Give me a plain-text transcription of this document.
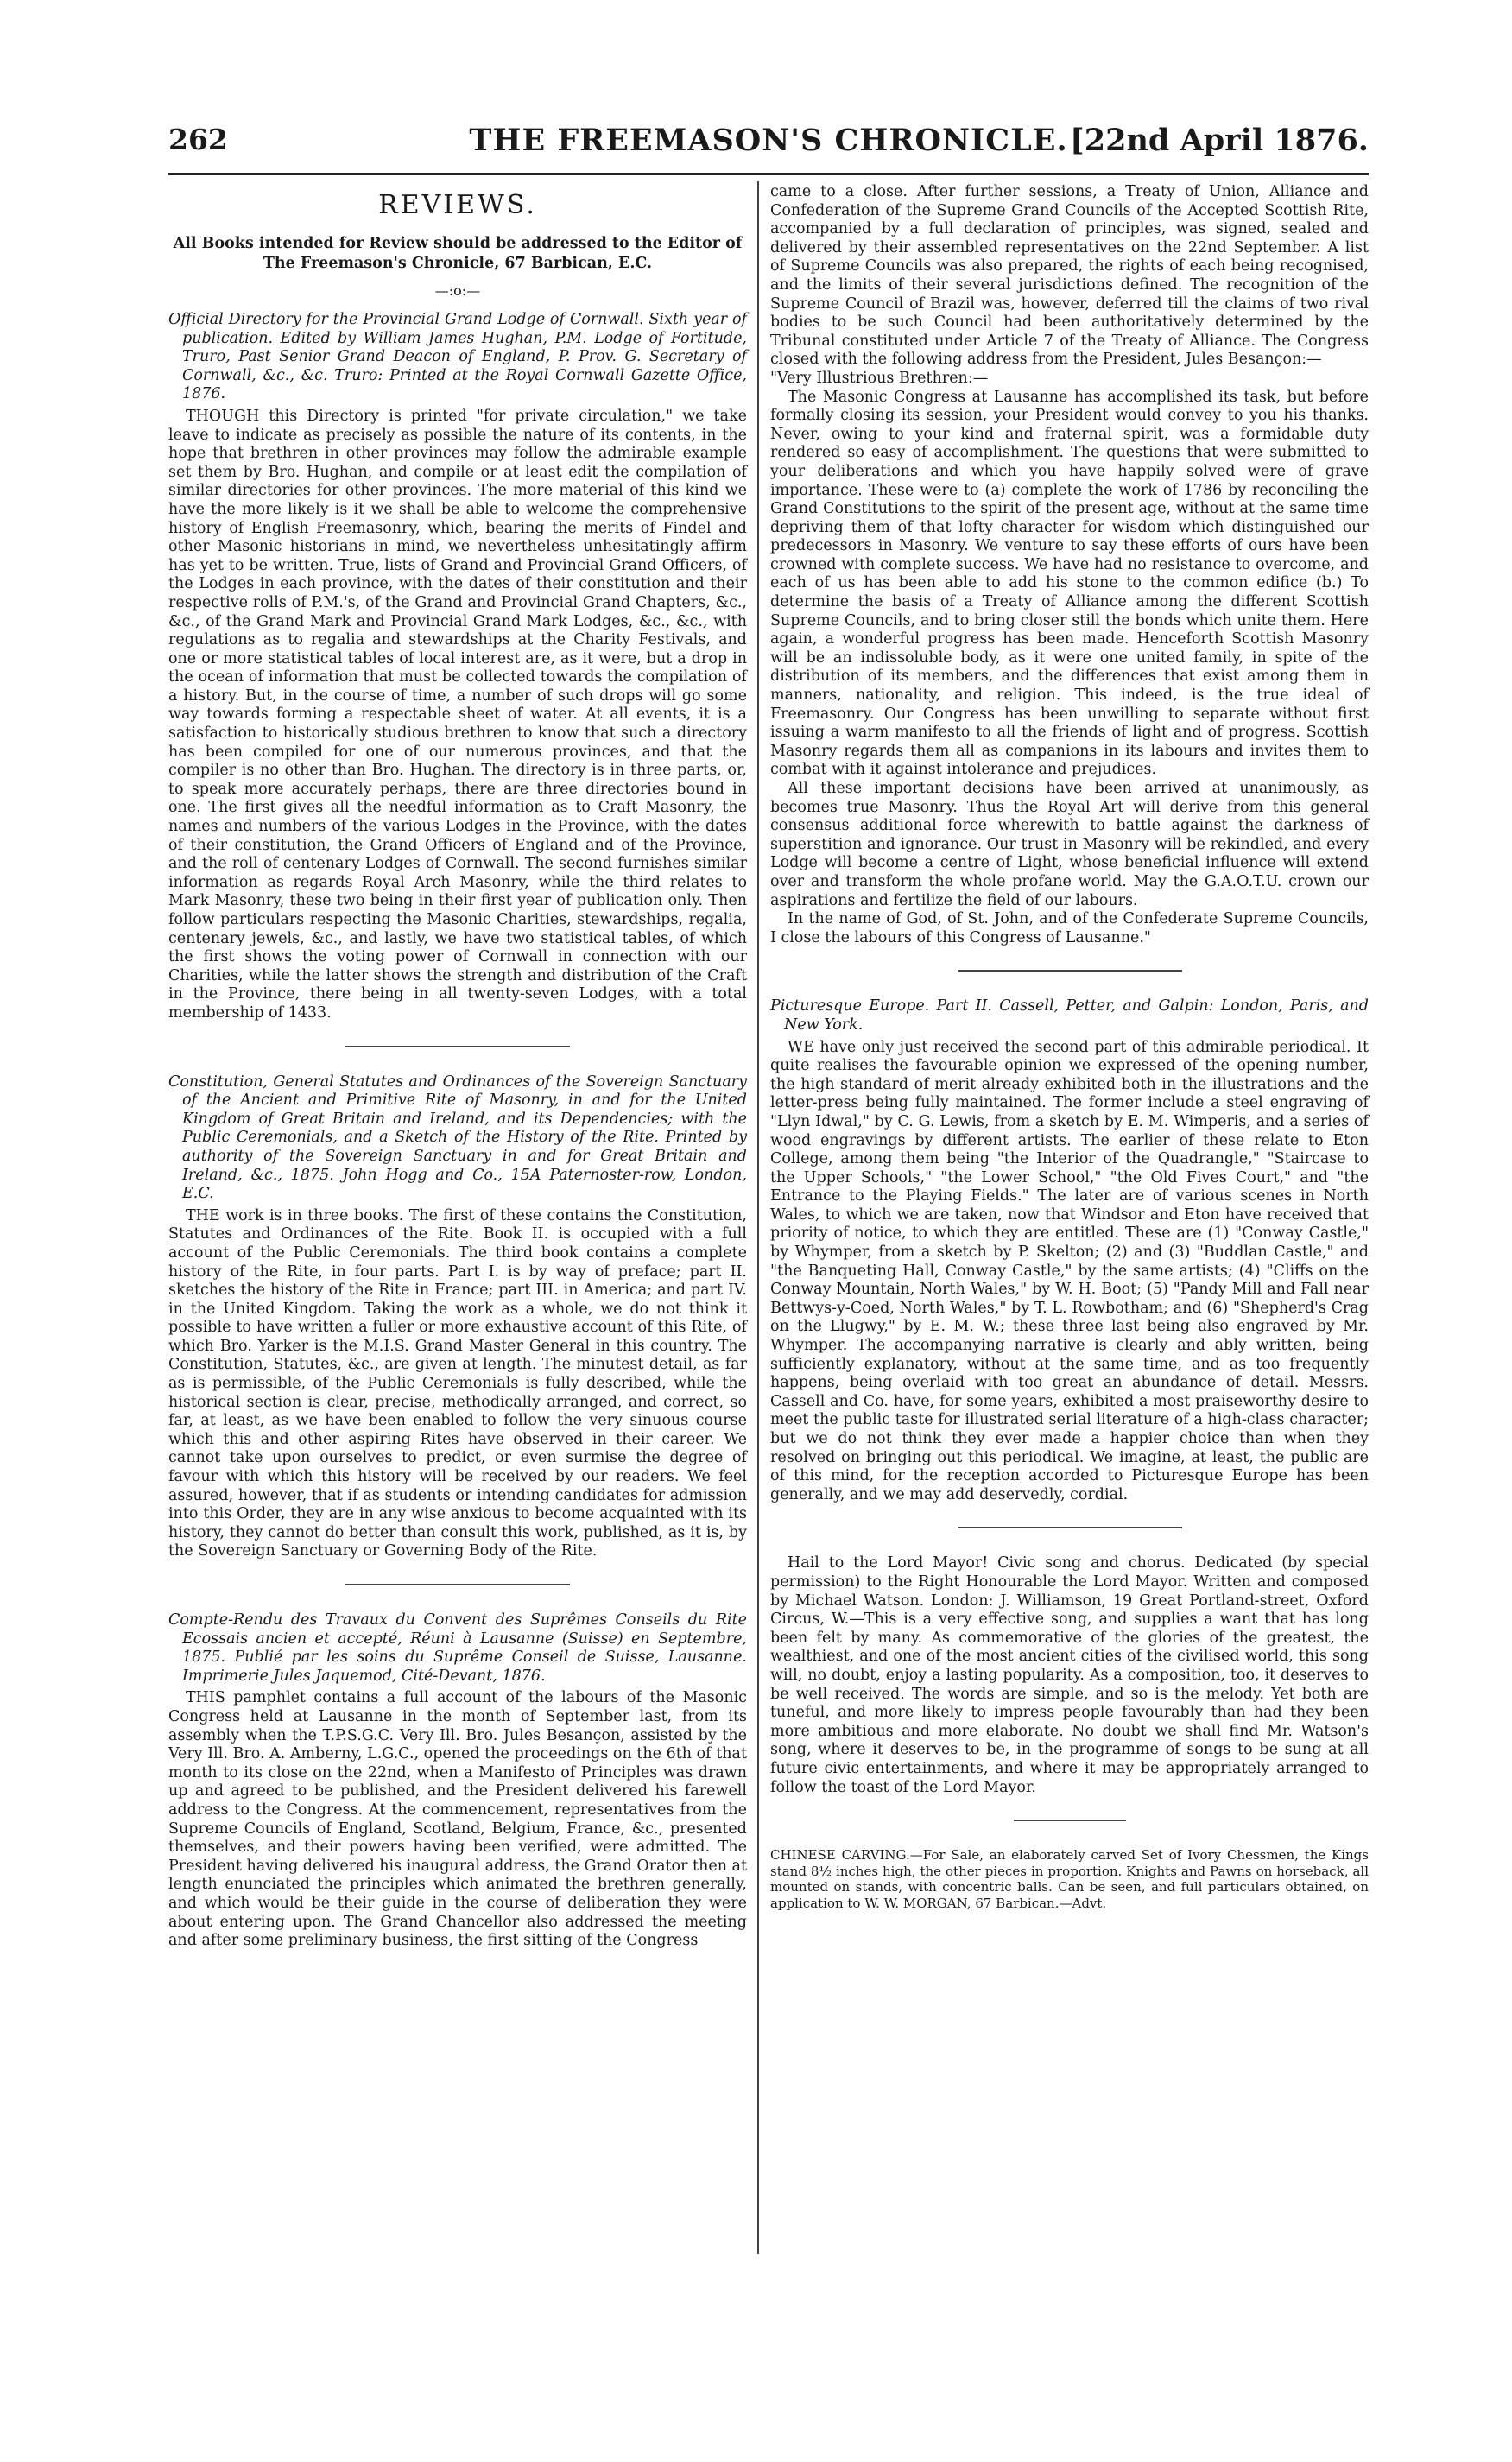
262	THE FREEMASON'S CHRONICLE. [22nd April 1876.
REVIEWS.
All Books intended for Review should be addressed to the Editor of The Freemason's Chronicle, 67 Barbican, E.C.
—:o:—
Official Directory for the Provincial Grand Lodge of Cornwall. Sixth year of publication. Edited by William James Hughan, P.M. Lodge of Fortitude, Truro, Past Senior Grand Deacon of England, P. Prov. G. Secretary of Cornwall, &c., &c. Truro: Printed at the Royal Cornwall Gazette Office, 1876.

THOUGH this Directory is printed "for private circulation," we take leave to indicate as precisely as possible the nature of its contents, in the hope that brethren in other provinces may follow the admirable example set them by Bro. Hughan, and compile or at least edit the compilation of similar directories for other provinces. The more material of this kind we have the more likely is it we shall be able to welcome the comprehensive history of English Freemasonry, which, bearing the merits of Findel and other Masonic historians in mind, we nevertheless unhesitatingly affirm has yet to be written. True, lists of Grand and Provincial Grand Officers, of the Lodges in each province, with the dates of their constitution and their respective rolls of P.M.'s, of the Grand and Provincial Grand Chapters, &c., &c., of the Grand Mark and Provincial Grand Mark Lodges, &c., &c., with regulations as to regalia and stewardships at the Charity Festivals, and one or more statistical tables of local interest are, as it were, but a drop in the ocean of information that must be collected towards the compilation of a history. But, in the course of time, a number of such drops will go some way towards forming a respectable sheet of water. At all events, it is a satisfaction to historically studious brethren to know that such a directory has been compiled for one of our numerous provinces, and that the compiler is no other than Bro. Hughan. The directory is in three parts, or, to speak more accurately perhaps, there are three directories bound in one. The first gives all the needful information as to Craft Masonry, the names and numbers of the various Lodges in the Province, with the dates of their constitution, the Grand Officers of England and of the Province, and the roll of centenary Lodges of Cornwall. The second furnishes similar information as regards Royal Arch Masonry, while the third relates to Mark Masonry, these two being in their first year of publication only. Then follow particulars respecting the Masonic Charities, stewardships, regalia, centenary jewels, &c., and lastly, we have two statistical tables, of which the first shows the voting power of Cornwall in connection with our Charities, while the latter shows the strength and distribution of the Craft in the Province, there being in all twenty-seven Lodges, with a total membership of 1433.

Constitution, General Statutes and Ordinances of the Sovereign Sanctuary of the Ancient and Primitive Rite of Masonry, in and for the United Kingdom of Great Britain and Ireland, and its Dependencies; with the Public Ceremonials, and a Sketch of the History of the Rite. Printed by authority of the Sovereign Sanctuary in and for Great Britain and Ireland, &c., 1875. John Hogg and Co., 15A Paternoster-row, London, E.C.

THE work is in three books. The first of these contains the Constitution, Statutes and Ordinances of the Rite. Book II. is occupied with a full account of the Public Ceremonials. The third book contains a complete history of the Rite, in four parts. Part I. is by way of preface; part II. sketches the history of the Rite in France; part III. in America; and part IV. in the United Kingdom. Taking the work as a whole, we do not think it possible to have written a fuller or more exhaustive account of this Rite, of which Bro. Yarker is the M.I.S. Grand Master General in this country. The Constitution, Statutes, &c., are given at length. The minutest detail, as far as is permissible, of the Public Ceremonials is fully described, while the historical section is clear, precise, methodically arranged, and correct, so far, at least, as we have been enabled to follow the very sinuous course which this and other aspiring Rites have observed in their career. We cannot take upon ourselves to predict, or even surmise the degree of favour with which this history will be received by our readers. We feel assured, however, that if as students or intending candidates for admission into this Order, they are in any wise anxious to become acquainted with its history, they cannot do better than consult this work, published, as it is, by the Sovereign Sanctuary or Governing Body of the Rite.

Compte-Rendu des Travaux du Convent des Suprêmes Conseils du Rite Ecossais ancien et accepté, Réuni à Lausanne (Suisse) en Septembre, 1875. Publié par les soins du Suprême Conseil de Suisse, Lausanne. Imprimerie Jules Jaquemod, Cité-Devant, 1876.

THIS pamphlet contains a full account of the labours of the Masonic Congress held at Lausanne in the month of September last, from its assembly when the T.P.S.G.C. Very Ill. Bro. Jules Besançon, assisted by the Very Ill. Bro. A. Amberny, L.G.C., opened the proceedings on the 6th of that month to its close on the 22nd, when a Manifesto of Principles was drawn up and agreed to be published, and the President delivered his farewell address to the Congress. At the commencement, representatives from the Supreme Councils of England, Scotland, Belgium, France, &c., presented themselves, and their powers having been verified, were admitted. The President having delivered his inaugural address, the Grand Orator then at length enunciated the principles which animated the brethren generally, and which would be their guide in the course of deliberation they were about entering upon. The Grand Chancellor also addressed the meeting and after some preliminary business, the first sitting of the Congress

came to a close. After further sessions, a Treaty of Union, Alliance and Confederation of the Supreme Grand Councils of the Accepted Scottish Rite, accompanied by a full declaration of principles, was signed, sealed and delivered by their assembled representatives on the 22nd September. A list of Supreme Councils was also prepared, the rights of each being recognised, and the limits of their several jurisdictions defined. The recognition of the Supreme Council of Brazil was, however, deferred till the claims of two rival bodies to be such Council had been authoritatively determined by the Tribunal constituted under Article 7 of the Treaty of Alliance. The Congress closed with the following address from the President, Jules Besançon:—

"Very Illustrious Brethren:—

The Masonic Congress at Lausanne has accomplished its task, but before formally closing its session, your President would convey to you his thanks. Never, owing to your kind and fraternal spirit, was a formidable duty rendered so easy of accomplishment. The questions that were submitted to your deliberations and which you have happily solved were of grave importance. These were to (a) complete the work of 1786 by reconciling the Grand Constitutions to the spirit of the present age, without at the same time depriving them of that lofty character for wisdom which distinguished our predecessors in Masonry. We venture to say these efforts of ours have been crowned with complete success. We have had no resistance to overcome, and each of us has been able to add his stone to the common edifice (b.) To determine the basis of a Treaty of Alliance among the different Scottish Supreme Councils, and to bring closer still the bonds which unite them. Here again, a wonderful progress has been made. Henceforth Scottish Masonry will be an indissoluble body, as it were one united family, in spite of the distribution of its members, and the differences that exist among them in manners, nationality, and religion. This indeed, is the true ideal of Freemasonry. Our Congress has been unwilling to separate without first issuing a warm manifesto to all the friends of light and of progress. Scottish Masonry regards them all as companions in its labours and invites them to combat with it against intolerance and prejudices.

All these important decisions have been arrived at unanimously, as becomes true Masonry. Thus the Royal Art will derive from this general consensus additional force wherewith to battle against the darkness of superstition and ignorance. Our trust in Masonry will be rekindled, and every Lodge will become a centre of Light, whose beneficial influence will extend over and transform the whole profane world. May the G.A.O.T.U. crown our aspirations and fertilize the field of our labours.

In the name of God, of St. John, and of the Confederate Supreme Councils, I close the labours of this Congress of Lausanne."

Picturesque Europe. Part II. Cassell, Petter, and Galpin: London, Paris, and New York.

WE have only just received the second part of this admirable periodical. It quite realises the favourable opinion we expressed of the opening number, the high standard of merit already exhibited both in the illustrations and the letter-press being fully maintained. The former include a steel engraving of "Llyn Idwal," by C. G. Lewis, from a sketch by E. M. Wimperis, and a series of wood engravings by different artists. The earlier of these relate to Eton College, among them being "the Interior of the Quadrangle," "Staircase to the Upper Schools," "the Lower School," "the Old Fives Court," and "the Entrance to the Playing Fields." The later are of various scenes in North Wales, to which we are taken, now that Windsor and Eton have received that priority of notice, to which they are entitled. These are (1) "Conway Castle," by Whymper, from a sketch by P. Skelton; (2) and (3) "Buddlan Castle," and "the Banqueting Hall, Conway Castle," by the same artists; (4) "Cliffs on the Conway Mountain, North Wales," by W. H. Boot; (5) "Pandy Mill and Fall near Bettwys-y-Coed, North Wales," by T. L. Rowbotham; and (6) "Shepherd's Crag on the Llugwy," by E. M. W.; these three last being also engraved by Mr. Whymper. The accompanying narrative is clearly and ably written, being sufficiently explanatory, without at the same time, and as too frequently happens, being overlaid with too great an abundance of detail. Messrs. Cassell and Co. have, for some years, exhibited a most praiseworthy desire to meet the public taste for illustrated serial literature of a high-class character; but we do not think they ever made a happier choice than when they resolved on bringing out this periodical. We imagine, at least, the public are of this mind, for the reception accorded to Picturesque Europe has been generally, and we may add deservedly, cordial.

Hail to the Lord Mayor! Civic song and chorus. Dedicated (by special permission) to the Right Honourable the Lord Mayor. Written and composed by Michael Watson. London: J. Williamson, 19 Great Portland-street, Oxford Circus, W.—This is a very effective song, and supplies a want that has long been felt by many. As commemorative of the glories of the greatest, the wealthiest, and one of the most ancient cities of the civilised world, this song will, no doubt, enjoy a lasting popularity. As a composition, too, it deserves to be well received. The words are simple, and so is the melody. Yet both are tuneful, and more likely to impress people favourably than had they been more ambitious and more elaborate. No doubt we shall find Mr. Watson's song, where it deserves to be, in the programme of songs to be sung at all future civic entertainments, and where it may be appropriately arranged to follow the toast of the Lord Mayor.

CHINESE CARVING.—For Sale, an elaborately carved Set of Ivory Chessmen, the Kings stand 8½ inches high, the other pieces in proportion. Knights and Pawns on horseback, all mounted on stands, with concentric balls. Can be seen, and full particulars obtained, on application to W. W. MORGAN, 67 Barbican.—Advt.
